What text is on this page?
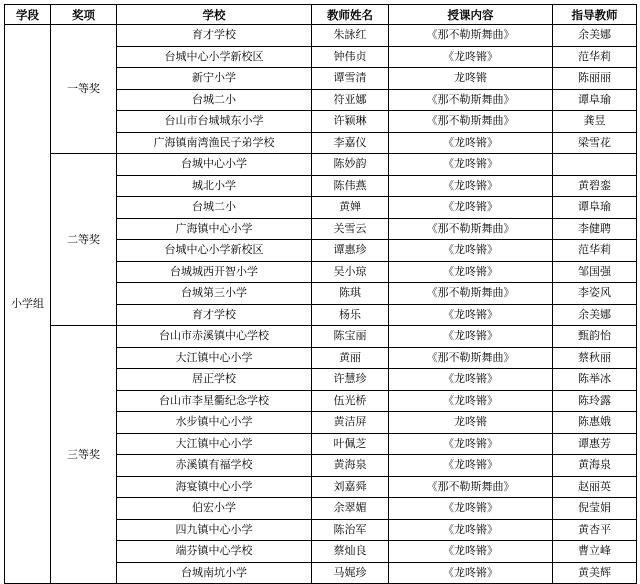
学段	奖项	学校	教师姓名	授课内容	指导教师
小学组	一等奖	育才学校	朱詠红	《那不勒斯舞曲》	余美娜
		台城中心小学新校区	钟伟贞	《龙咚锵》	范华莉
		新宁小学	谭雪清	龙咚锵	陈丽丽
		台城二小	符亚娜	《那不勒斯舞曲》	谭阜瑜
		台山市台城城东小学	许颖琳	《那不勒斯舞曲》	龚昱
		广海镇南湾渔民子弟学校	李嘉仪	《龙咚锵》	梁雪花
	二等奖	台城中心小学	陈妙韵	《龙咚锵》	
		城北小学	陈伟燕	《龙咚锵》	黄碧銮
		台城二小	黄婵	《龙咚锵》	谭阜瑜
		广海镇中心小学	关雪云	《那不勒斯舞曲》	李健聘
		台城中心小学新校区	谭惠珍	《龙咚锵》	范华莉
		台城城西开智小学	吴小琼	《龙咚锵》	邹国强
		台城第三小学	陈琪	《那不勒斯舞曲》	李姿风
		育才学校	杨乐	《龙咚锵》	余美娜
	三等奖	台山市赤溪镇中心学校	陈宝丽	《龙咚锵》	甄韵怡
		大江镇中心小学	黄丽	《那不勒斯舞曲》	蔡秋丽
		居正学校	许慧珍	《龙咚锵》	陈举冰
		台山市李星衢纪念学校	伍光桥	《龙咚锵》	陈玲露
		水步镇中心小学	黄洁屏	龙咚锵	陈惠娥
		大江镇中心小学	叶佩芝	《龙咚锵》	谭惠芳
		赤溪镇有福学校	黄海泉	《龙咚锵》	黄海泉
		海宴镇中心小学	刘嘉舜	《那不勒斯舞曲》	赵丽英
		伯宏小学	余翠媚	《龙咚锵》	倪莹娟
		四九镇中心小学	陈治军	《龙咚锵》	黄杏平
		端芬镇中心学校	蔡灿良	《龙咚锵》	曹立峰
		台城南坑小学	马娓珍	《龙咚锵》	黄美辉
